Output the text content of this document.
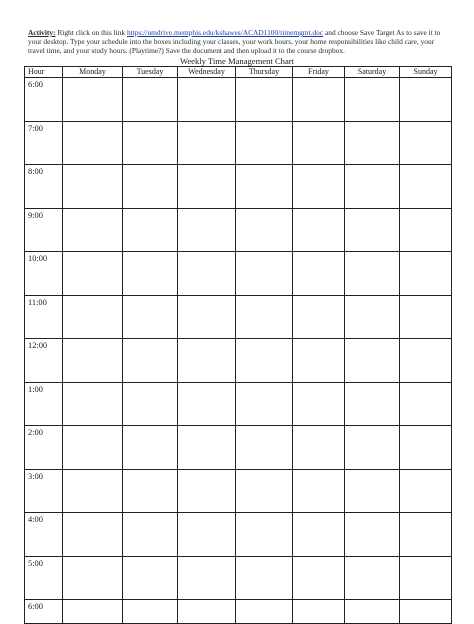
Activity: Right click on this link https://umdrive.memphis.edu/kshawes/ACAD1100/timemgmt.doc and choose Save Target As to save it to your desktop. Type your schedule into the boxes including your classes, your work hours, your home responsibilities like child care, your travel time, and your study hours. (Playtime?) Save the document and then upload it to the course dropbox.
Weekly Time Management Chart
Hour	Monday	Tuesday	Wednesday	Thursday	Friday	Saturday	Sunday
6:00							
7:00							
8:00							
9:00							
10:00							
11:00							
12:00							
1:00							
2:00							
3:00							
4:00							
5:00							
6:00							
